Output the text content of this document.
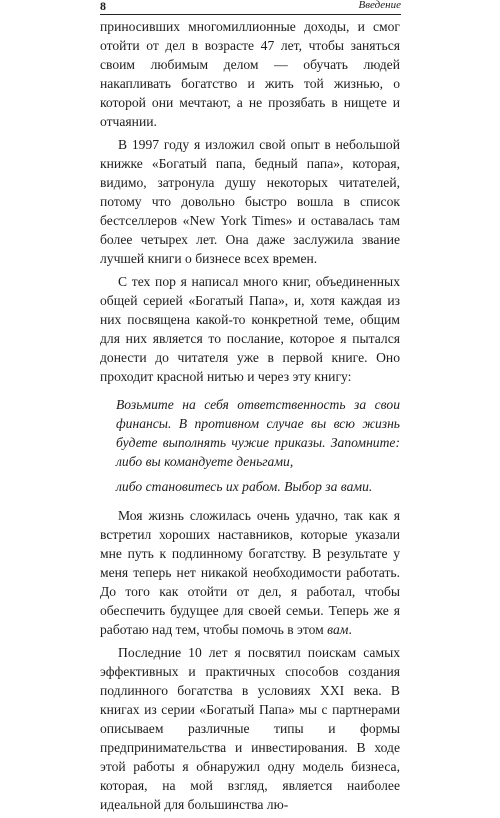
8	Введение

приносивших многомиллионные доходы, и смог отойти от дел в возрасте 47 лет, чтобы заняться своим любимым делом — обучать людей накапливать богатство и жить той жизнью, о которой они мечтают, а не прозябать в нищете и отчаянии.

В 1997 году я изложил свой опыт в небольшой книжке «Богатый папа, бедный папа», которая, видимо, затронула душу некоторых читателей, потому что довольно быстро вошла в список бестселлеров «New York Times» и оставалась там более четырех лет. Она даже заслужила звание лучшей книги о бизнесе всех времен.

С тех пор я написал много книг, объединенных общей серией «Богатый Папа», и, хотя каждая из них посвящена какой-то конкретной теме, общим для них является то послание, которое я пытался донести до читателя уже в первой книге. Оно проходит красной нитью и через эту книгу:

Возьмите на себя ответственность за свои финансы. В противном случае вы всю жизнь будете выполнять чужие приказы. Запомните: либо вы командуете деньгами,

либо становитесь их рабом. Выбор за вами.

Моя жизнь сложилась очень удачно, так как я встретил хороших наставников, которые указали мне путь к подлинному богатству. В результате у меня теперь нет никакой необходимости работать. До того как отойти от дел, я работал, чтобы обеспечить будущее для своей семьи. Теперь же я работаю над тем, чтобы помочь в этом вам.

Последние 10 лет я посвятил поискам самых эффективных и практичных способов создания подлинного богатства в условиях XXI века. В книгах из серии «Богатый Папа» мы с партнерами описываем различные типы и формы предпринимательства и инвестирования. В ходе этой работы я обнаружил одну модель бизнеса, которая, на мой взгляд, является наиболее идеальной для большинства лю-
